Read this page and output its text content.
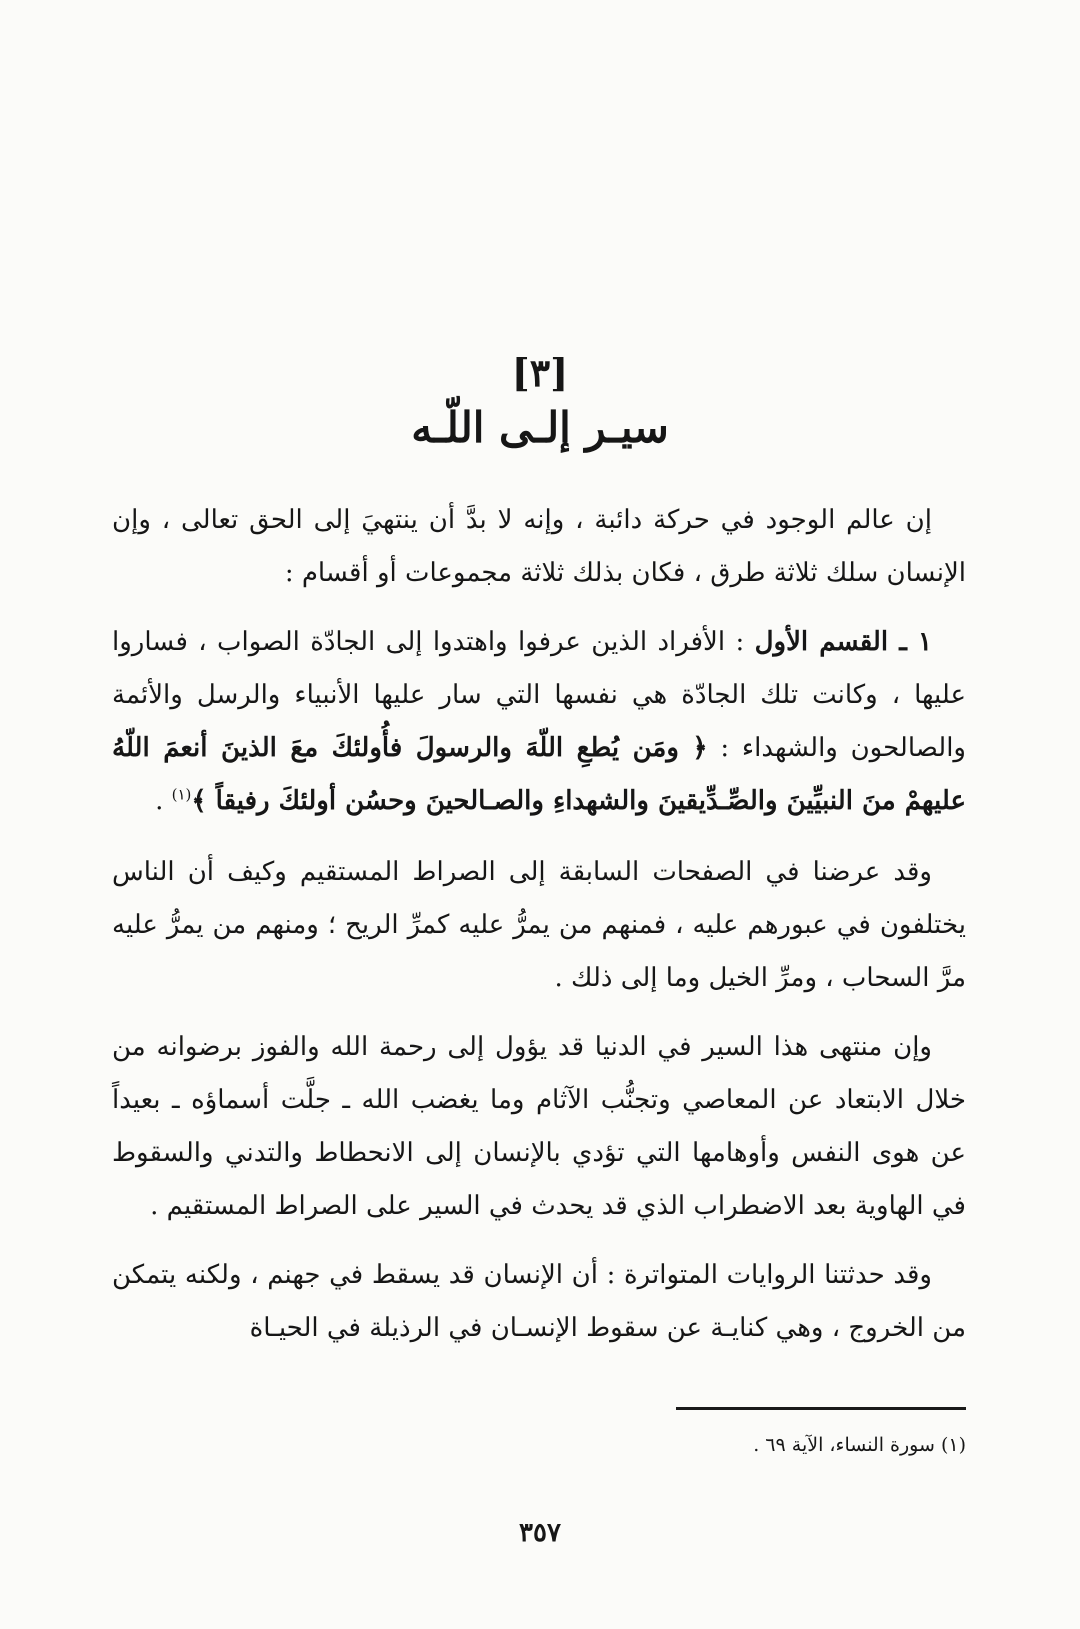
[٣]
سيـر إلـى اللّـه

إن عالم الوجود في حركة دائبة ، وإنه لا بدَّ أن ينتهيَ إلى الحق تعالى ، وإن الإنسان سلك ثلاثة طرق ، فكان بذلك ثلاثة مجموعات أو أقسام :

١ ـ القسم الأول : الأفراد الذين عرفوا واهتدوا إلى الجادّة الصواب ، فساروا عليها ، وكانت تلك الجادّة هي نفسها التي سار عليها الأنبياء والرسل والأئمة والصالحون والشهداء : ﴿ ومَن يُطعِ اللّهَ والرسولَ فأُولئكَ معَ الذينَ أنعمَ اللّهُ عليهمْ منَ النبيِّينَ والصِّـدِّيقينَ والشهداءِ والصـالحينَ وحسُن أولئكَ رفيقاً ﴾$^{(١)}$ .

وقد عرضنا في الصفحات السابقة إلى الصراط المستقيم وكيف أن الناس يختلفون في عبورهم عليه ، فمنهم من يمرُّ عليه كمرِّ الريح ؛ ومنهم من يمرُّ عليه مرَّ السحاب ، ومرِّ الخيل وما إلى ذلك .

وإن منتهى هذا السير في الدنيا قد يؤول إلى رحمة الله والفوز برضوانه من خلال الابتعاد عن المعاصي وتجنُّب الآثام وما يغضب الله ـ جلَّت أسماؤه ـ بعيداً عن هوى النفس وأوهامها التي تؤدي بالإنسان إلى الانحطاط والتدني والسقوط في الهاوية بعد الاضطراب الذي قد يحدث في السير على الصراط المستقيم .

وقد حدثتنا الروايات المتواترة : أن الإنسان قد يسقط في جهنم ، ولكنه يتمكن من الخروج ، وهي كنايـة عن سقوط الإنسـان في الرذيلة في الحيـاة

(١) سورة النساء، الآية ٦٩ .
٣٥٧
